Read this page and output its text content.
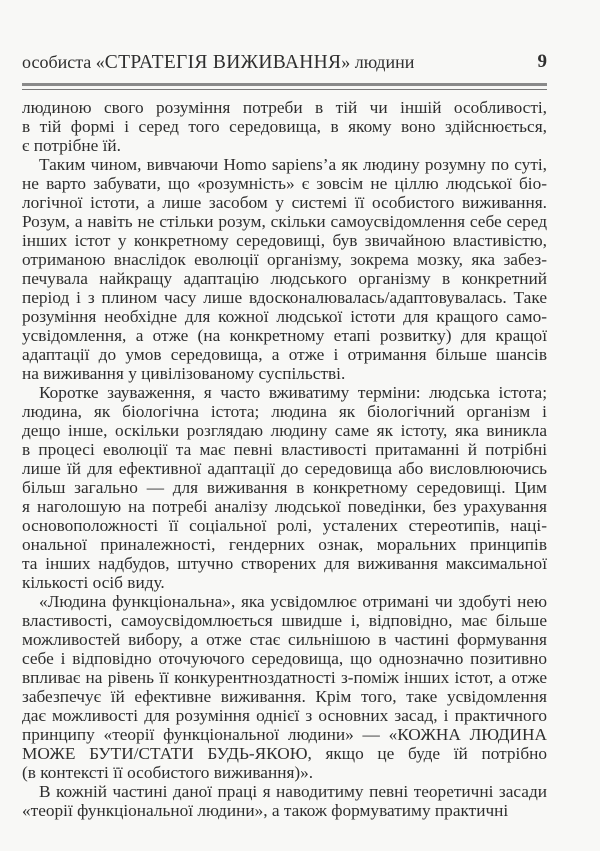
особиста «СТРАТЕГІЯ ВИЖИВАННЯ» людини	9
людиною свого розуміння потреби в тій чи іншій особливості,
в тій формі і серед того середовища, в якому воно здійснюється,
є потрібне їй.
Таким чином, вивчаючи Homo sapiens’a як людину розумну по суті,
не варто забувати, що «розумність» є зовсім не ціллю людської біо-
логічної істоти, а лише засобом у системі її особистого виживання.
Розум, а навіть не стільки розум, скільки самоусвідомлення себе серед
інших істот у конкретному середовищі, був звичайною властивістю,
отриманою внаслідок еволюції організму, зокрема мозку, яка забез-
печувала найкращу адаптацію людського організму в конкретний
період і з плином часу лише вдосконалювалась/адаптовувалась. Таке
розуміння необхідне для кожної людської істоти для кращого само-
усвідомлення, а отже (на конкретному етапі розвитку) для кращої
адаптації до умов середовища, а отже і отримання більше шансів
на виживання у цивілізованому суспільстві.
Коротке зауваження, я часто вживатиму терміни: людська істота;
людина, як біологічна істота; людина як біологічний організм і
дещо інше, оскільки розглядаю людину саме як істоту, яка виникла
в процесі еволюції та має певні властивості притаманні й потрібні
лише їй для ефективної адаптації до середовища або висловлюючись
більш загально — для виживання в конкретному середовищі. Цим
я наголошую на потребі аналізу людської поведінки, без урахування
основоположності її соціальної ролі, усталених стереотипів, наці-
ональної приналежності, гендерних ознак, моральних принципів
та інших надбудов, штучно створених для виживання максимальної
кількості осіб виду.
«Людина функціональна», яка усвідомлює отримані чи здобуті нею
властивості, самоусвідомлюється швидше і, відповідно, має більше
можливостей вибору, а отже стає сильнішою в частині формування
себе і відповідно оточуючого середовища, що однозначно позитивно
впливає на рівень її конкурентноздатності з-поміж інших істот, а отже
забезпечує їй ефективне виживання. Крім того, таке усвідомлення
дає можливості для розуміння однієї з основних засад, і практичного
принципу «теорії функціональної людини» — «КОЖНА ЛЮДИНА
МОЖЕ БУТИ/СТАТИ БУДЬ-ЯКОЮ, якщо це буде їй потрібно
(в контексті її особистого виживання)».
В кожній частині даної праці я наводитиму певні теоретичні засади
«теорії функціональної людини», а також формуватиму практичні
